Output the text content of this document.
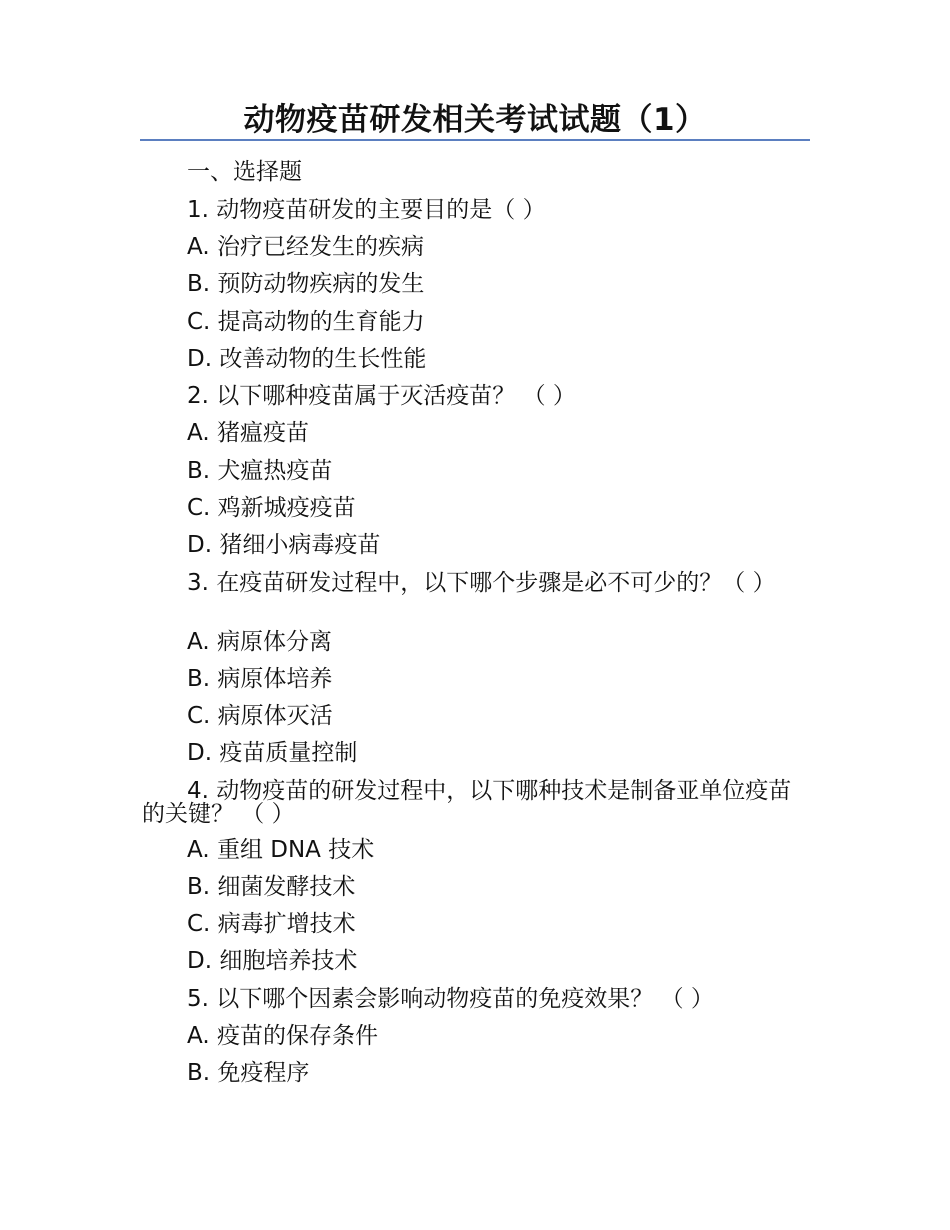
动物疫苗研发相关考试试题（1）
一、选择题
1. 动物疫苗研发的主要目的是（ ）
A. 治疗已经发生的疾病
B. 预防动物疾病的发生
C. 提高动物的生育能力
D. 改善动物的生长性能
2. 以下哪种疫苗属于灭活疫苗？ （ ）
A. 猪瘟疫苗
B. 犬瘟热疫苗
C. 鸡新城疫疫苗
D. 猪细小病毒疫苗
3. 在疫苗研发过程中，以下哪个步骤是必不可少的？（ ）
A. 病原体分离
B. 病原体培养
C. 病原体灭活
D. 疫苗质量控制
4. 动物疫苗的研发过程中，以下哪种技术是制备亚单位疫苗的关键？ （ ）
A. 重组 DNA 技术
B. 细菌发酵技术
C. 病毒扩增技术
D. 细胞培养技术
5. 以下哪个因素会影响动物疫苗的免疫效果？ （ ）
A. 疫苗的保存条件
B. 免疫程序
